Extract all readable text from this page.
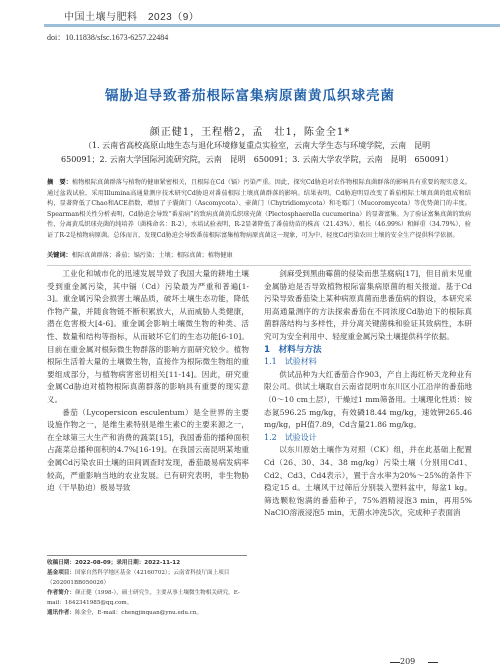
中国土壤与肥料　2023（9）
doi：10.11838/sfsc.1673-6257.22484
镉胁迫导致番茄根际富集病原菌黄瓜织球壳菌
颜正健1，王程楷2，孟　壮1，陈金全1*
（1. 云南省高校高原山地生态与退化环境修复重点实验室，云南大学生态与环境学院，云南　昆明
650091；2. 云南大学国际河流研究院，云南　昆明　650091；3. 云南大学农学院，云南　昆明　650091）
摘　要：植物根际真菌群落与植物的健康紧密相关，且根际在Cd（镉）污染严重。因此，探究Cd胁迫对农作物根际真菌群落的影响具有重要的现实意义。通过盆栽试验，采用Illumina高通量测序技术研究Cd胁迫对番茄根际土壤真菌群落的影响。结果表明，Cd胁迫明显改变了番茄根际土壤真菌的组成和结构，显著降低了Chao和ACE指数，增加了子囊菌门（Ascomycota）、壶菌门（Chytridiomycota）和毛霉门（Mucoromycota）等优势菌门的丰度。Spearman相关性分析表明，Cd胁迫会导致“番茄病”的致病真菌黄瓜织球壳菌（Plectosphaerella cucumerina）的显著富集。为了验证富集真菌的致病性，分离黄瓜织球壳菌的纯培养（菌株命名：R-2），水培试验表明，R-2显著降低了番茄幼苗的株高（21.43%）、根长（46.99%）和鲜重（34.79%），验证了R-2是植物病原菌。总体而言，发现Cd胁迫会导致番茄根际富集植物病原真菌这一现象，可为中、轻度Cd污染农田土壤的安全生产提供科学依据。
关键词：根际真菌群落；番茄；镉污染；土壤；根际真菌；植物健康

工业化和城市化的迅速发展导致了我国大量的耕地土壤受到重金属污染，其中镉（Cd）污染最为严重和普遍[1-3]。重金属污染会损害土壤品质，破坏土壤生态功能，降低作物产量，并随食物链不断积累放大，从而威胁人类健康，潜在危害极大[4-6]。重金属会影响土壤微生物的种类、活性、数量和结构等指标，从而破坏它们的生态功能[6-10]。目前在重金属对根际微生物群落的影响方面研究较少。植物根际生活着大量的土壤微生物，直接作为根际微生物组的重要组成部分，与植物病害密切相关[11-14]。因此，研究重金属Cd胁迫对植物根际真菌群落的影响具有重要的现实意义。

番茄（Lycopersicon esculentum）是全世界的主要设施作物之一，是维生素特别是维生素C的主要来源之一，在全球第三大生产和消费的蔬菜[15]，我国番茄的播种面积占蔬菜总播种面积的4.7%[16-19]。在我国云南昆明某地重金属Cd污染农田土壤的田间调查时发现，番茄最易病发病率较高，严重影响当地的农业发展。已有研究表明，非生物胁迫（干旱胁迫）极易导致

剑麻受到黑曲霉菌的侵染而患茎腐病[17]，但目前未见重金属胁迫是否导致植物根际富集病原菌的相关报道。基于Cd污染导致番茄染上某种病原真菌而患番茄病的假设，本研究采用高通量测序的方法探索番茄在不同浓度Cd胁迫下的根际真菌群落结构与多样性，并分离关键菌株和验证其致病性，本研究可为安全利用中、轻度重金属污染土壤提供科学依据。

1　材料与方法

1.1　试验材料

供试品种为大红番茄合作903，产自上海红桥天龙种业有限公司。供试土壤取自云南省昆明市东川区小江沿岸的番茄地（0～10 cm土层），干燥过1 mm筛备用。土壤理化性质：铵态氮596.25 mg/kg，有效磷18.44 mg/kg，速效钾265.46 mg/kg，pH值7.89，Cd含量21.86 mg/kg。

1.2　试验设计

以东川原始土壤作为对照（CK）组，并在此基础上配置Cd（26、30、34、38 mg/kg）污染土壤（分别用Cd1、Cd2、Cd3、Cd4表示），置于含水率为20%～25%的条件下稳定15 d。土壤风干过筛后分别装入塑料盆中，每盆1 kg。筛选颗粒饱满的番茄种子，75%酒精浸泡3 min，再用5% NaClO溶液浸泡5 min，无菌水冲洗5次，完成种子表面消

收稿日期：2022-08-09；录用日期：2022-11-12
基金项目：国家自然科学地区基金（42160702）；云南省科技厅面上项目（202001BB050026）
作者简介：颜正健（1998-），硕士研究生，主要从事土壤微生物相关研究。E-mail：1642341985@qq.com。
通讯作者：陈金全，E-mail：chengjinquan@ynu.edu.cn。
209
